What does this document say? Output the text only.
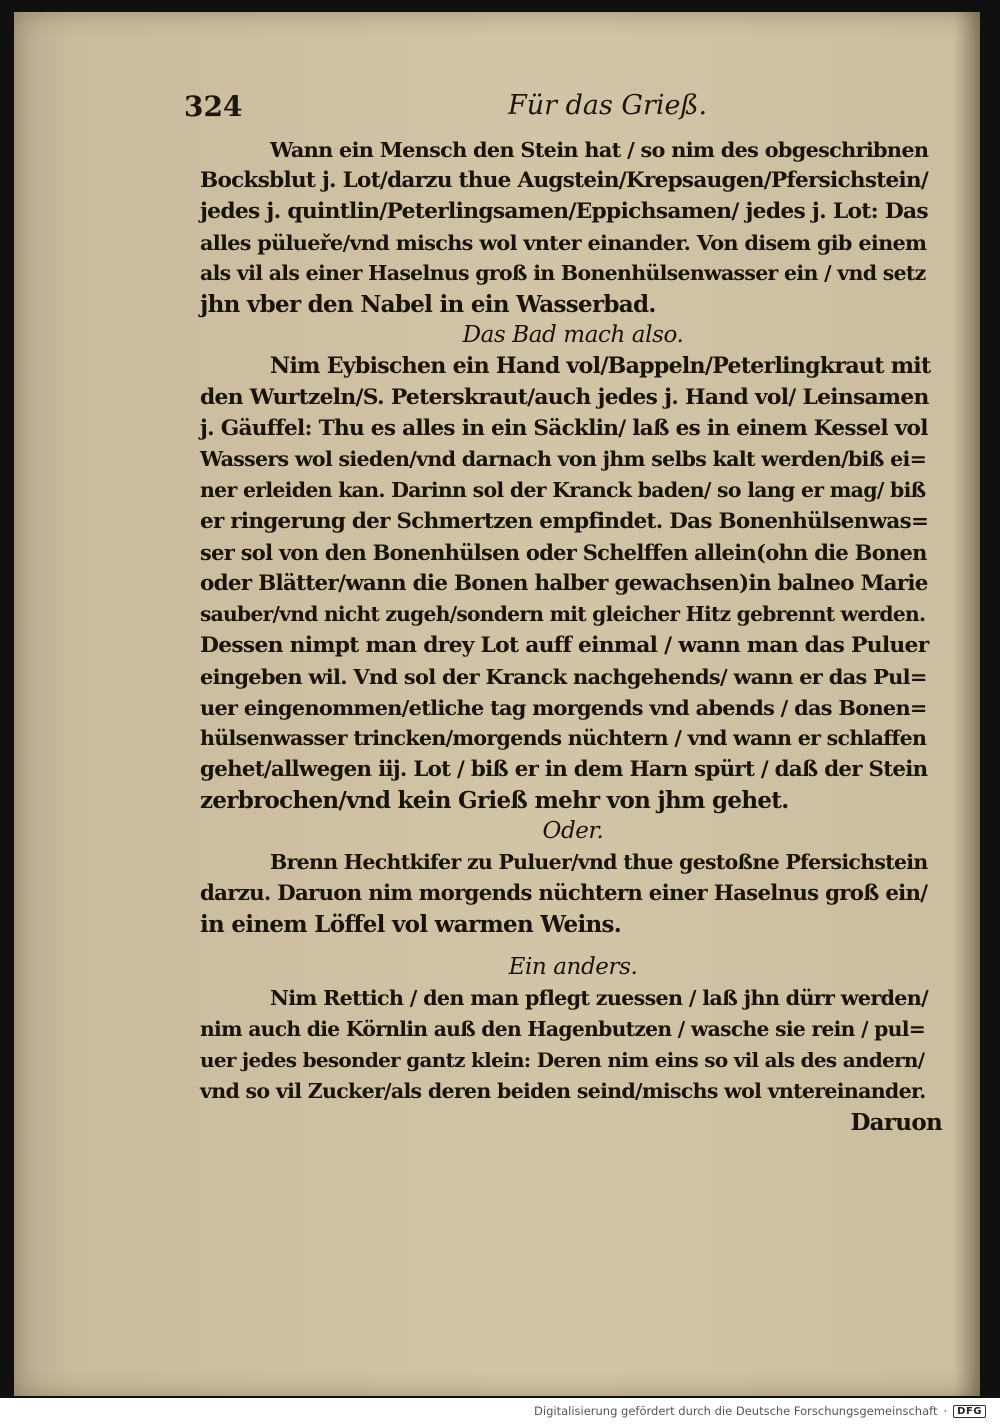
324	Für das Grieß.
Wann ein Mensch den Stein hat / so nim des obgeschribnen
Bocksblut j. Lot/darzu thue Augstein/Krepsaugen/Pfersichstein/
jedes j. quintlin/Peterlingsamen/Eppichsamen/ jedes j. Lot: Das
alles pülueře/vnd mischs wol vnter einander. Von disem gib einem
als vil als einer Haselnus groß in Bonenhülsenwasser ein / vnd setz
jhn vber den Nabel in ein Wasserbad.
Das Bad mach also.
Nim Eybischen ein Hand vol/Bappeln/Peterlingkraut mit
den Wurtzeln/S. Peterskraut/auch jedes j. Hand vol/ Leinsamen
j. Gäuffel: Thu es alles in ein Säcklin/ laß es in einem Kessel vol
Wassers wol sieden/vnd darnach von jhm selbs kalt werden/biß ei=
ner erleiden kan. Darinn sol der Kranck baden/ so lang er mag/ biß
er ringerung der Schmertzen empfindet. Das Bonenhülsenwas=
ser sol von den Bonenhülsen oder Schelffen allein(ohn die Bonen
oder Blätter/wann die Bonen halber gewachsen)in balneo Marie
sauber/vnd nicht zugeh/sondern mit gleicher Hitz gebrennt werden.
Dessen nimpt man drey Lot auff einmal / wann man das Puluer
eingeben wil. Vnd sol der Kranck nachgehends/ wann er das Pul=
uer eingenommen/etliche tag morgends vnd abends / das Bonen=
hülsenwasser trincken/morgends nüchtern / vnd wann er schlaffen
gehet/allwegen iij. Lot / biß er in dem Harn spürt / daß der Stein
zerbrochen/vnd kein Grieß mehr von jhm gehet.
Oder.
Brenn Hechtkifer zu Puluer/vnd thue gestoßne Pfersichstein
darzu. Daruon nim morgends nüchtern einer Haselnus groß ein/
in einem Löffel vol warmen Weins.
Ein anders.
Nim Rettich / den man pflegt zuessen / laß jhn dürr werden/
nim auch die Körnlin auß den Hagenbutzen / wasche sie rein / pul=
uer jedes besonder gantz klein: Deren nim eins so vil als des andern/
vnd so vil Zucker/als deren beiden seind/mischs wol vntereinander.
Daruon
Digitalisierung gefördert durch die Deutsche Forschungsgemeinschaft ·	DFG
